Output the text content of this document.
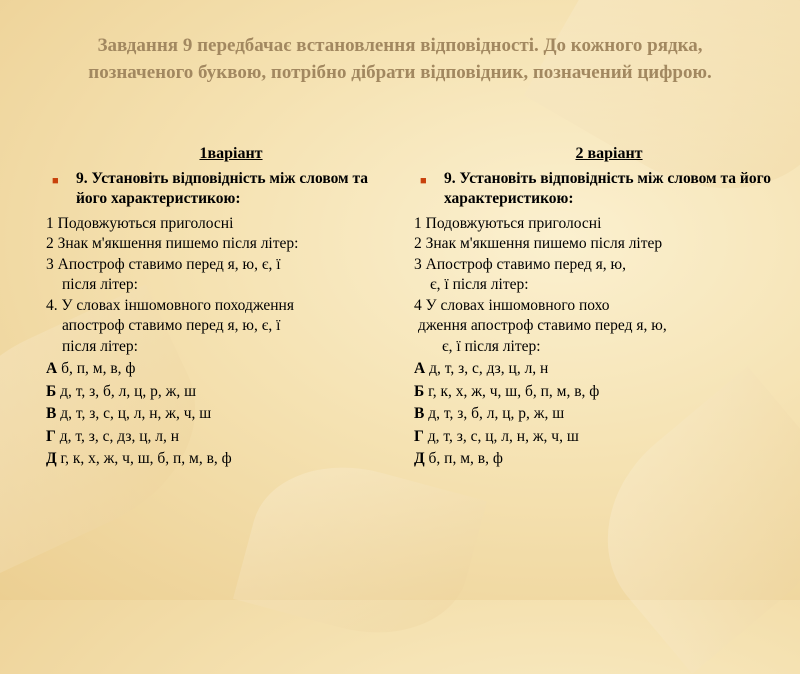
Завдання 9 передбачає встановлення відповідності. До кожного рядка, позначеного буквою, потрібно дібрати відповідник, позначений цифрою.
1варіант
■ 9. Установіть відповідність між словом та його характеристикою:
1 Подовжуються приголосні
2 Знак м'якшення пишемо після літер:
3 Апостроф ставимо перед я, ю, є, ї
після літер:
4. У словах іншомовного походження
апостроф ставимо перед я, ю, є, ї
після літер:
А б, п, м, в, ф
Б д, т, з, б, л, ц, р, ж, ш
В д, т, з, с, ц, л, н, ж, ч, ш
Г д, т, з, с, дз, ц, л, н
Д г, к, х, ж, ч, ш, б, п, м, в, ф
2 варіант
■ 9. Установіть відповідність між словом та його характеристикою:
1 Подовжуються приголосні
2 Знак м'якшення пишемо після літер
3 Апостроф ставимо перед я, ю,
є, ї після літер:
4 У словах іншомовного похо
дження апостроф ставимо перед я, ю,
є, ї після літер:
А д, т, з, с, дз, ц, л, н
Б г, к, х, ж, ч, ш, б, п, м, в, ф
В д, т, з, б, л, ц, р, ж, ш
Г д, т, з, с, ц, л, н, ж, ч, ш
Д б, п, м, в, ф
